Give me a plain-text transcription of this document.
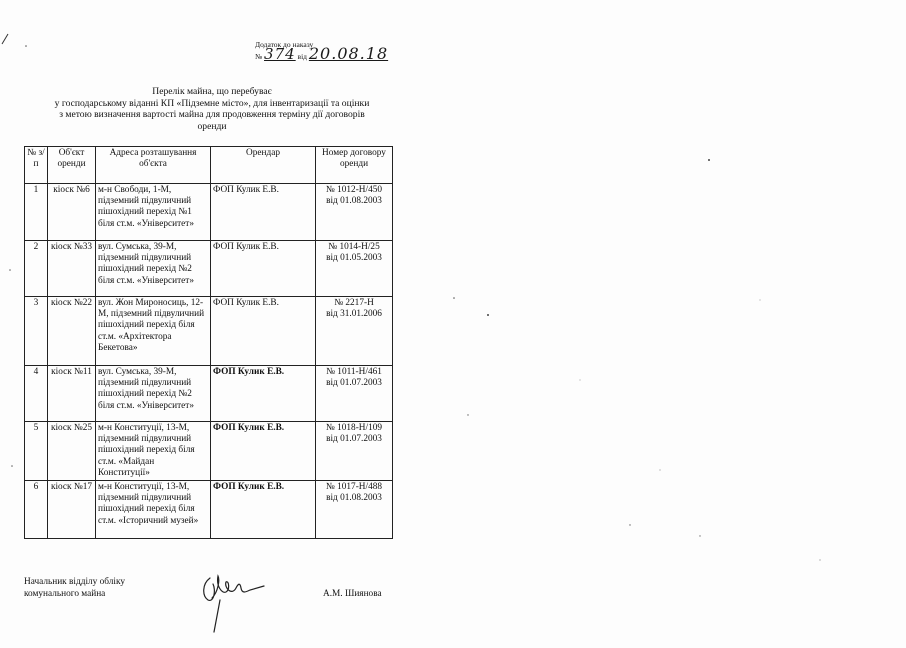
Додаток до наказу
№ 374 від 20.08.18
Перелік майна, що перебуває
у господарському віданні КП «Підземне місто», для інвентаризації та оцінки
з метою визначення вартості майна для продовження терміну дії договорів
оренди
№ з/п	Об'єкт оренди	Адреса розташування об'єкта	Орендар	Номер договору оренди
1	кіоск №6	м-н Свободи, 1-М, підземний підвуличний пішохідний перехід №1 біля ст.м. «Університет»	ФОП Кулик Е.В.	№ 1012-Н/450
від 01.08.2003

2	кіоск №33	вул. Сумська, 39-М, підземний підвуличний пішохідний перехід №2 біля ст.м. «Університет»	ФОП Кулик Е.В.	№ 1014-Н/25
від 01.05.2003

3	кіоск №22	вул. Жон Мироносиць, 12-М, підземний підвуличний пішохідний перехід біля ст.м. «Архітектора Бекетова»	ФОП Кулик Е.В.	№ 2217-Н
від 31.01.2006

4	кіоск №11	вул. Сумська, 39-М, підземний підвуличний пішохідний перехід №2 біля ст.м. «Університет»	ФОП Кулик Е.В.	№ 1011-Н/461
від 01.07.2003

5	кіоск №25	м-н Конституції, 13-М, підземний підвуличний пішохідний перехід біля ст.м. «Майдан Конституції»	ФОП Кулик Е.В.	№ 1018-Н/109
від 01.07.2003

6	кіоск №17	м-н Конституції, 13-М, підземний підвуличний пішохідний перехід біля ст.м. «Історичний музей»	ФОП Кулик Е.В.	№ 1017-Н/488
від 01.08.2003
Начальник відділу обліку
комунального майна	А.М. Шиянова
